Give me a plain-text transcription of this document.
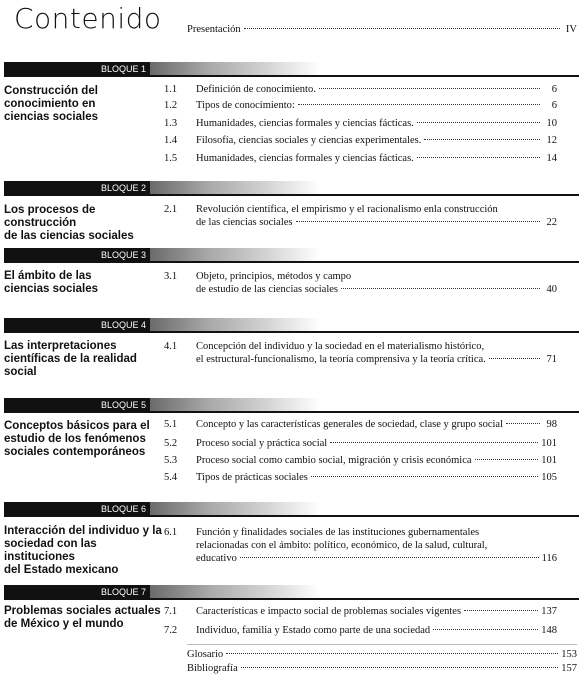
Contenido Presentación	IV
BLOQUE 1
Construcción del
conocimiento en
ciencias sociales
1.1	Definición de conocimiento.	6
1.2	Tipos de conocimiento:	6
1.3	Humanidades, ciencias formales y ciencias fácticas.	10
1.4	Filosofía, ciencias sociales y ciencias experimentales.	12
1.5	Humanidades, ciencias formales y ciencias fácticas.	14
BLOQUE 2
Los procesos de construcción
de las ciencias sociales
2.1	Revolución científica, el empirismo y el racionalismo enla construcción
de las ciencias sociales	22
BLOQUE 3
El ámbito de las
ciencias sociales
3.1	Objeto, principios, métodos y campo
de estudio de las ciencias sociales	40
BLOQUE 4
Las interpretaciones
científicas de la realidad
social
4.1	Concepción del individuo y la sociedad en el materialismo histórico,
el estructural-funcionalismo, la teoría comprensiva y la teoría crítica.	71
BLOQUE 5
Conceptos básicos para el
estudio de los fenómenos
sociales contemporáneos
5.1	Concepto y las características generales de sociedad, clase y grupo social	98
5.2	Proceso social y práctica social	101
5.3	Proceso social como cambio social, migración y crisis económica	101
5.4	Tipos de prácticas sociales	105
BLOQUE 6
Interacción del individuo y la
sociedad con las instituciones
del Estado mexicano
6.1	Función y finalidades sociales de las instituciones gubernamentales
relacionadas con el ámbito: político, económico, de la salud, cultural,
educativo	116
BLOQUE 7
Problemas sociales actuales
de México y el mundo
7.1	Características e impacto social de problemas sociales vigentes	137
7.2	Individuo, familia y Estado como parte de una sociedad	148
Glosario	153
Bibliografía	157
